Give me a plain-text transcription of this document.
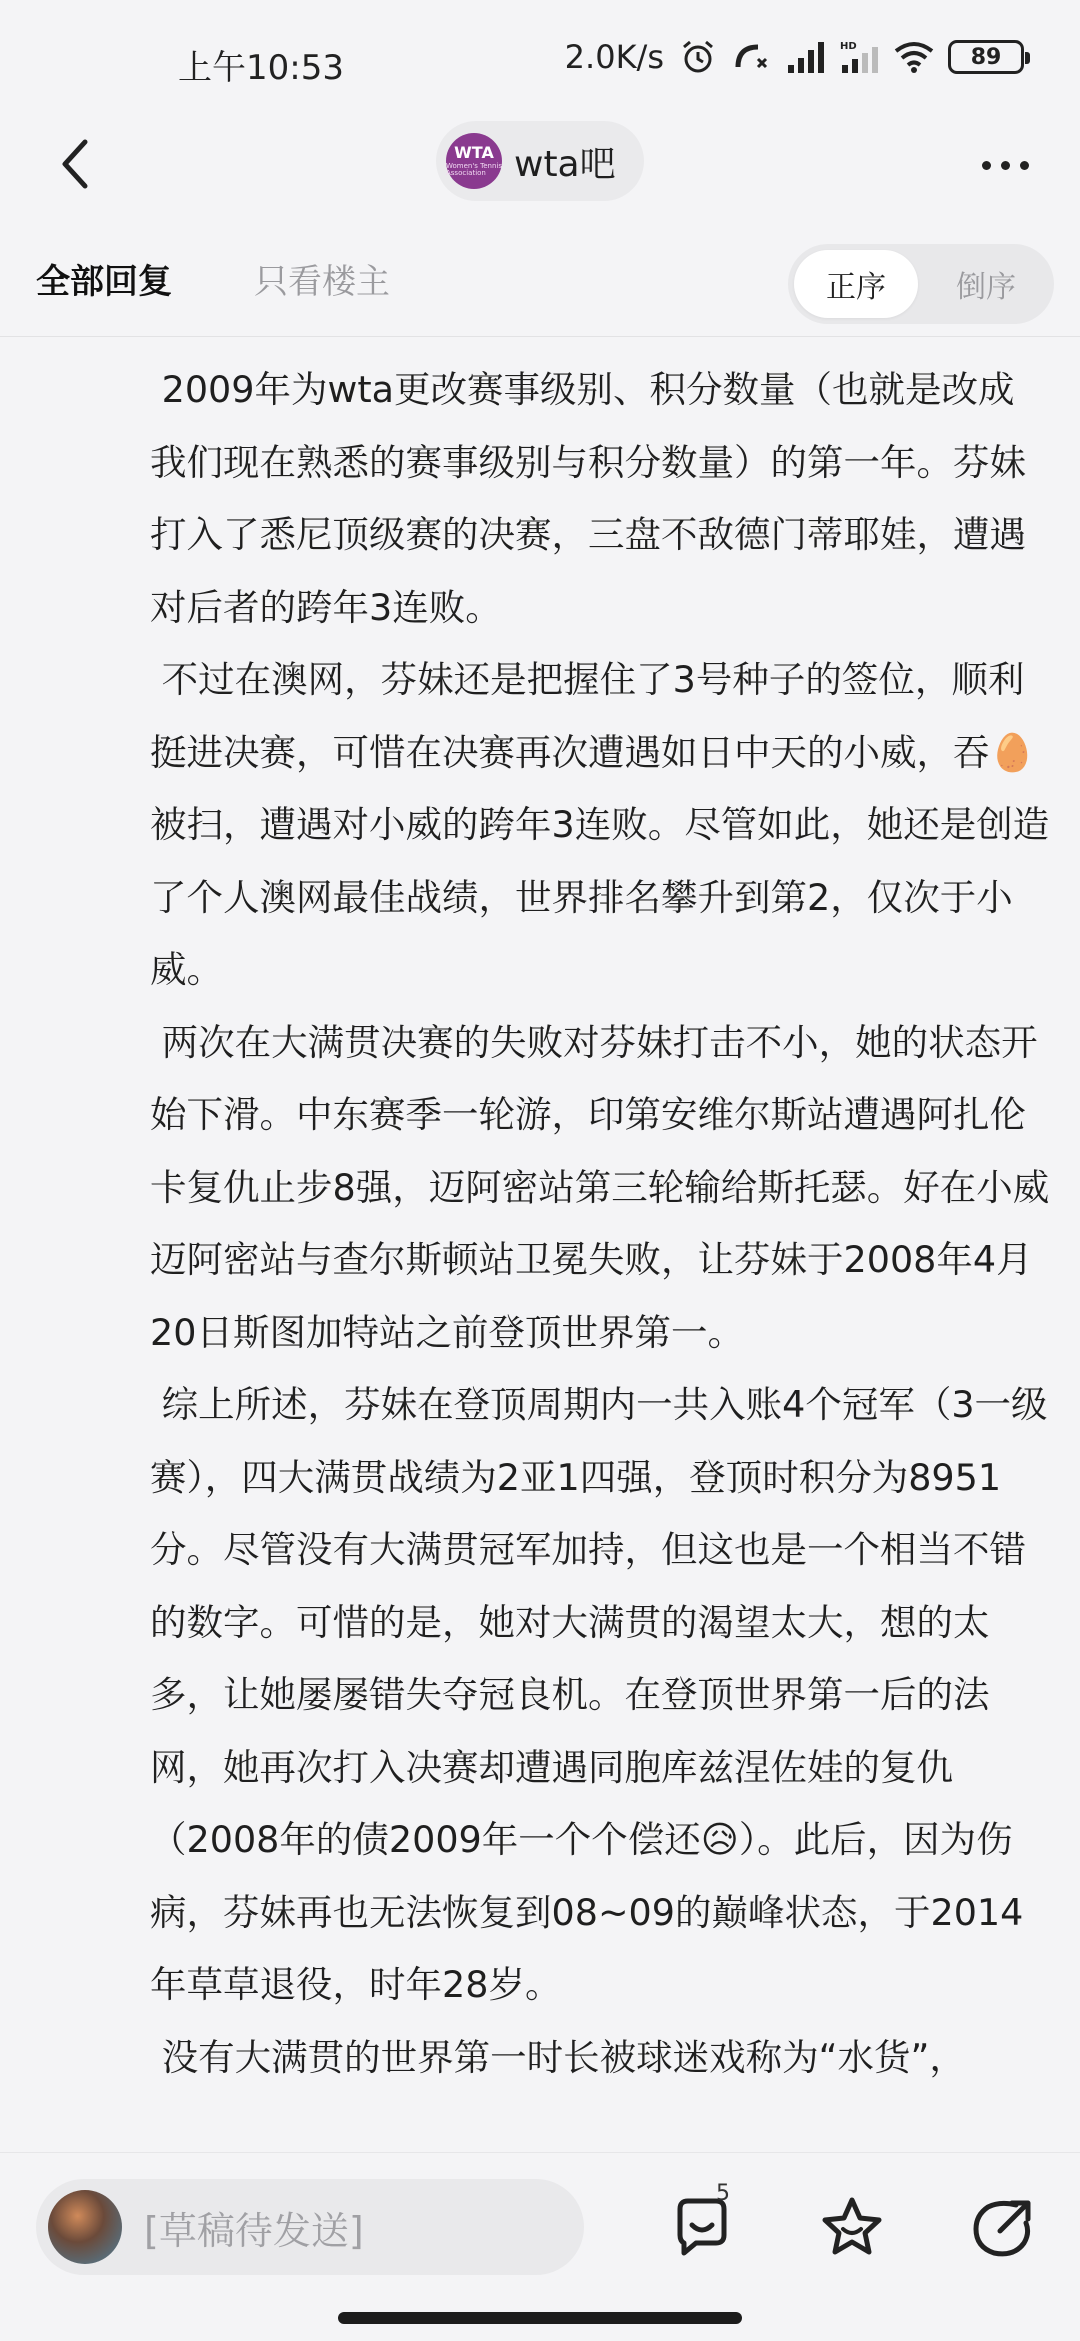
上午10:53	2.0K/s	HD	89
WTA
Women's Tennis Association wta吧
全部回复 只看楼主	正序	倒序

2009年为wta更改赛事级别、积分数量（也就是改成我们现在熟悉的赛事级别与积分数量）的第一年。芬妹打入了悉尼顶级赛的决赛，三盘不敌德门蒂耶娃，遭遇对后者的跨年3连败。

不过在澳网，芬妹还是把握住了3号种子的签位，顺利挺进决赛，可惜在决赛再次遭遇如日中天的小威，吞🥚被扫，遭遇对小威的跨年3连败。尽管如此，她还是创造了个人澳网最佳战绩，世界排名攀升到第2，仅次于小威。

两次在大满贯决赛的失败对芬妹打击不小，她的状态开始下滑。中东赛季一轮游，印第安维尔斯站遭遇阿扎伦卡复仇止步8强，迈阿密站第三轮输给斯托瑟。好在小威迈阿密站与查尔斯顿站卫冕失败，让芬妹于2008年4月20日斯图加特站之前登顶世界第一。

综上所述，芬妹在登顶周期内一共入账4个冠军（3一级赛），四大满贯战绩为2亚1四强，登顶时积分为8951分。尽管没有大满贯冠军加持，但这也是一个相当不错的数字。可惜的是，她对大满贯的渴望太大，想的太多，让她屡屡错失夺冠良机。在登顶世界第一后的法网，她再次打入决赛却遭遇同胞库兹涅佐娃的复仇（2008年的债2009年一个个偿还😥）。此后，因为伤病，芬妹再也无法恢复到08~09的巅峰状态，于2014年草草退役，时年28岁。

没有大满贯的世界第一时长被球迷戏称为“水货”，

[草稿待发送]
5
